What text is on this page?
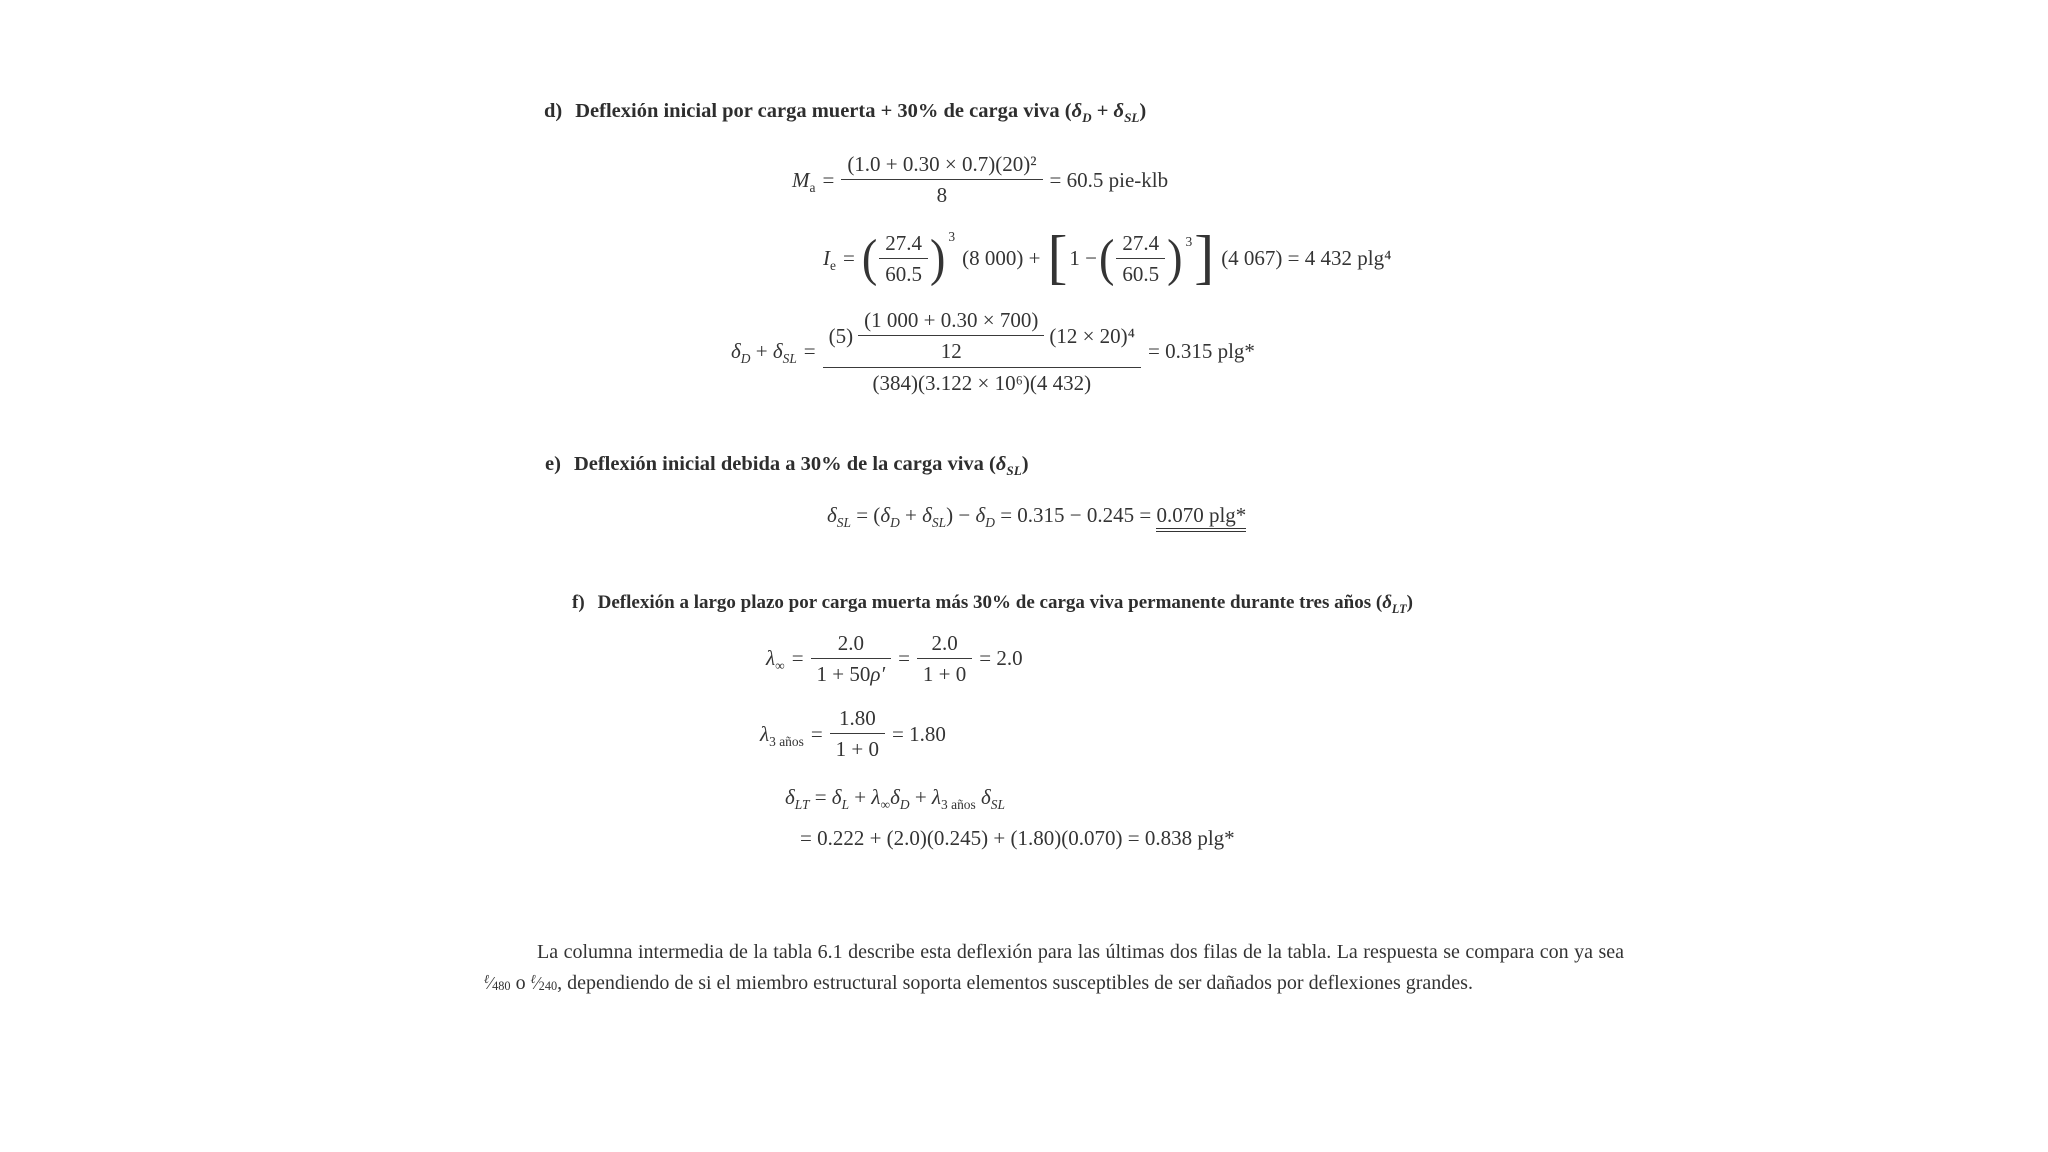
d) Deflexión inicial por carga muerta + 30% de carga viva $(\delta_D + \delta_{SL})$
$M_a = \frac{\text{(1.0 + 0.30 × 0.7)(20)²}}{8} = 60.5$ pie-klb
$I_e$ = ( $\frac{27.4}{60.5}$ ) 3
(8 000) + [ 1 − ( $\frac{27.4}{60.5}$ ) 3 ] (4 067) = 4 432 plg⁴
$\delta_D + \delta_{SL} = \frac{(5) \frac{(1 000 + 0.30 \times 700)}{12} (12 \times 20)^4}{\text{(384)(3.122 × 10⁶)(4 432)}} = 0.315$ plg*
e) Deflexión inicial debida a 30% de la carga viva $(\delta_{SL})$
$\delta_{SL} = (\delta_D + \delta_{SL}) - \delta_D = 0.315 - 0.245 = 0.070$ plg*
f) Deflexión a largo plazo por carga muerta más 30% de carga viva permanente durante tres años $(\delta_{LT})$
$\lambda_\infty = \frac{2.0}{1 + 50 \rho'} = \frac{2.0}{1 + 0} = 2.0$
$\lambda_{3 años} = \frac{1.80}{1 + 0} = 1.80$
$\delta_{LT} = \delta_L + \lambda_\infty\delta_D + \lambda_{3 años}$ $\delta_{SL}$
= 0.222 + (2.0)(0.245) + (1.80)(0.070) = 0.838 plg*

La columna intermedia de la tabla 6.1 describe esta deflexión para las últimas dos filas de la tabla. La respuesta se compara con ya sea $^\ell⁄_{480}$ o $^\ell⁄_{240}$, dependiendo de si el miembro estructural soporta elementos susceptibles de ser dañados por deflexiones grandes.
